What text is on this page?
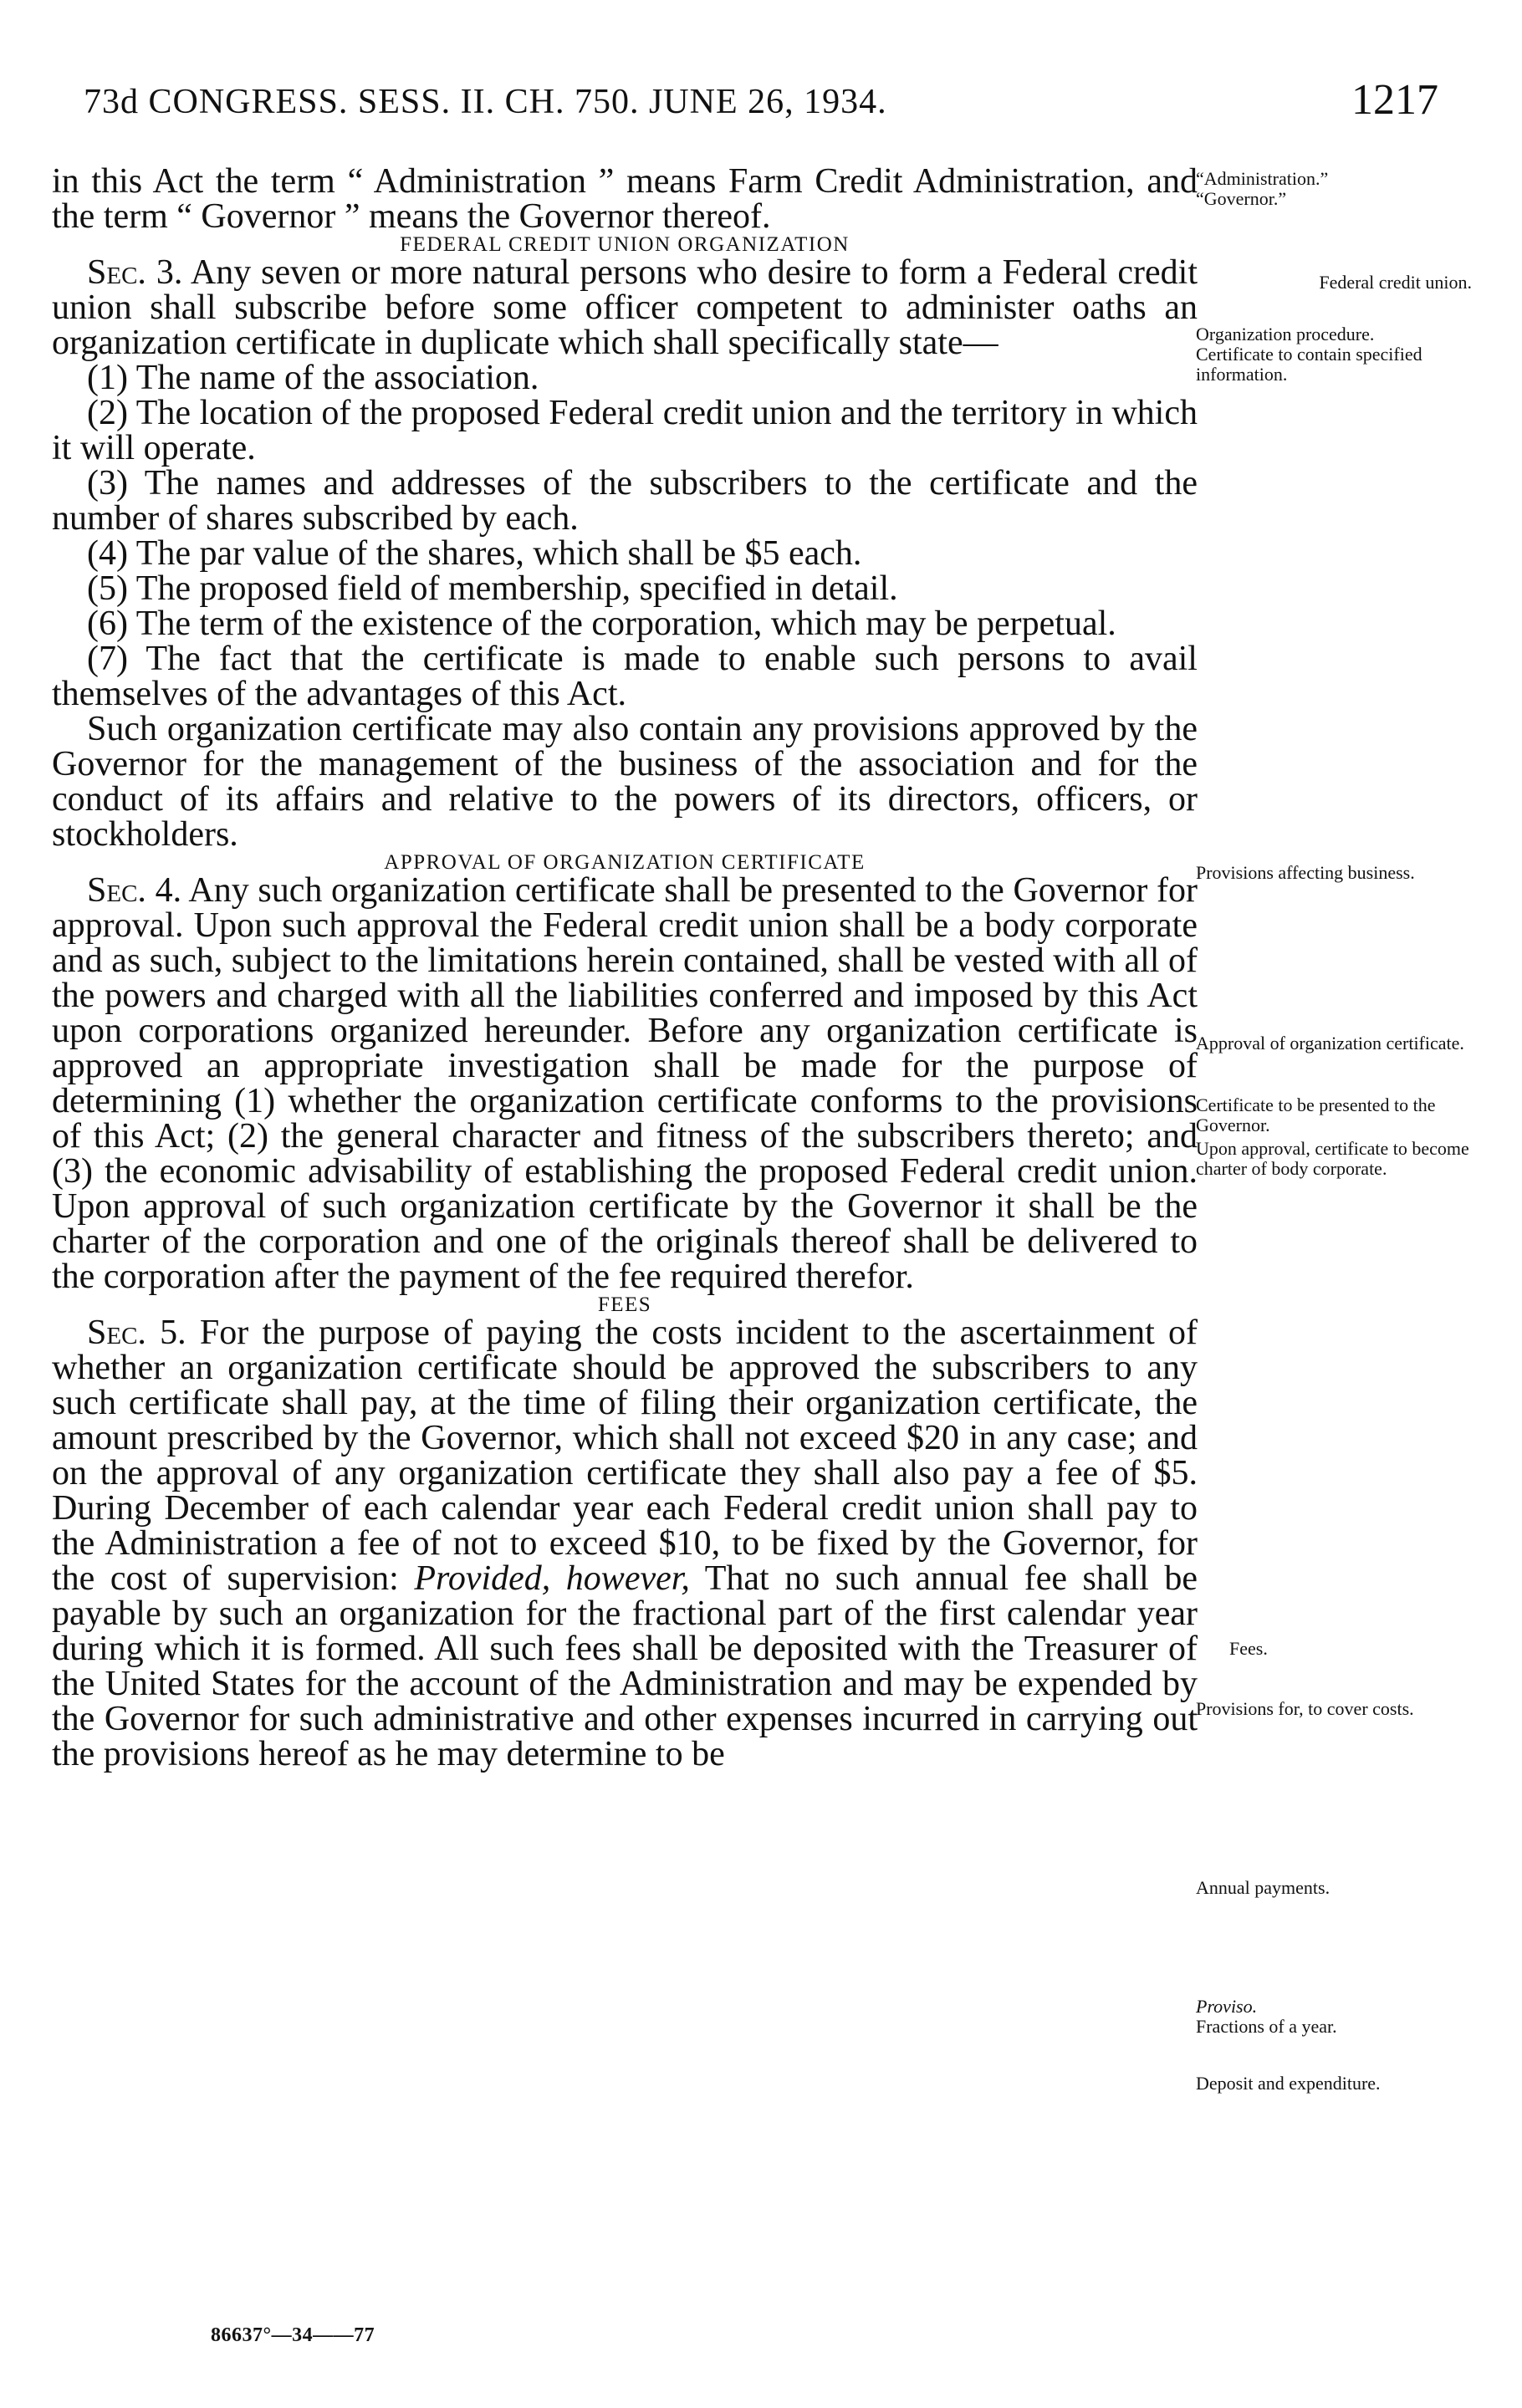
73d CONGRESS. SESS. II. CH. 750. JUNE 26, 1934.	1217

in this Act the term “ Administration ” means Farm Credit Administration, and the term “ Governor ” means the Governor thereof.

FEDERAL CREDIT UNION ORGANIZATION

Sec. 3. Any seven or more natural persons who desire to form a Federal credit union shall subscribe before some officer competent to administer oaths an organization certificate in duplicate which shall specifically state—

(1) The name of the association.

(2) The location of the proposed Federal credit union and the territory in which it will operate.

(3) The names and addresses of the subscribers to the certificate and the number of shares subscribed by each.

(4) The par value of the shares, which shall be $5 each.

(5) The proposed field of membership, specified in detail.

(6) The term of the existence of the corporation, which may be perpetual.

(7) The fact that the certificate is made to enable such persons to avail themselves of the advantages of this Act.

Such organization certificate may also contain any provisions approved by the Governor for the management of the business of the association and for the conduct of its affairs and relative to the powers of its directors, officers, or stockholders.

APPROVAL OF ORGANIZATION CERTIFICATE

Sec. 4. Any such organization certificate shall be presented to the Governor for approval. Upon such approval the Federal credit union shall be a body corporate and as such, subject to the limitations herein contained, shall be vested with all of the powers and charged with all the liabilities conferred and imposed by this Act upon corporations organized hereunder. Before any organization certificate is approved an appropriate investigation shall be made for the purpose of determining (1) whether the organization certificate conforms to the provisions of this Act; (2) the general character and fitness of the subscribers thereto; and (3) the economic advisability of establishing the proposed Federal credit union. Upon approval of such organization certificate by the Governor it shall be the charter of the corporation and one of the originals thereof shall be delivered to the corporation after the payment of the fee required therefor.

FEES

Sec. 5. For the purpose of paying the costs incident to the ascertainment of whether an organization certificate should be approved the subscribers to any such certificate shall pay, at the time of filing their organization certificate, the amount prescribed by the Governor, which shall not exceed $20 in any case; and on the approval of any organization certificate they shall also pay a fee of $5. During December of each calendar year each Federal credit union shall pay to the Administration a fee of not to exceed $10, to be fixed by the Governor, for the cost of supervision: Provided, however, That no such annual fee shall be payable by such an organization for the fractional part of the first calendar year during which it is formed. All such fees shall be deposited with the Treasurer of the United States for the account of the Administration and may be expended by the Governor for such administrative and other expenses incurred in carrying out the provisions hereof as he may determine to be

“Administration.”

“Governor.”

Federal credit union.

Organization procedure.

Certificate to contain specified information.

Provisions affecting business.
Approval of organization certificate.
Certificate to be presented to the Governor.
Upon approval, certificate to become charter of body corporate.
Fees.
Provisions for, to cover costs.
Annual payments.

Proviso.

Fractions of a year.

Deposit and expenditure.
86637°—34——77
